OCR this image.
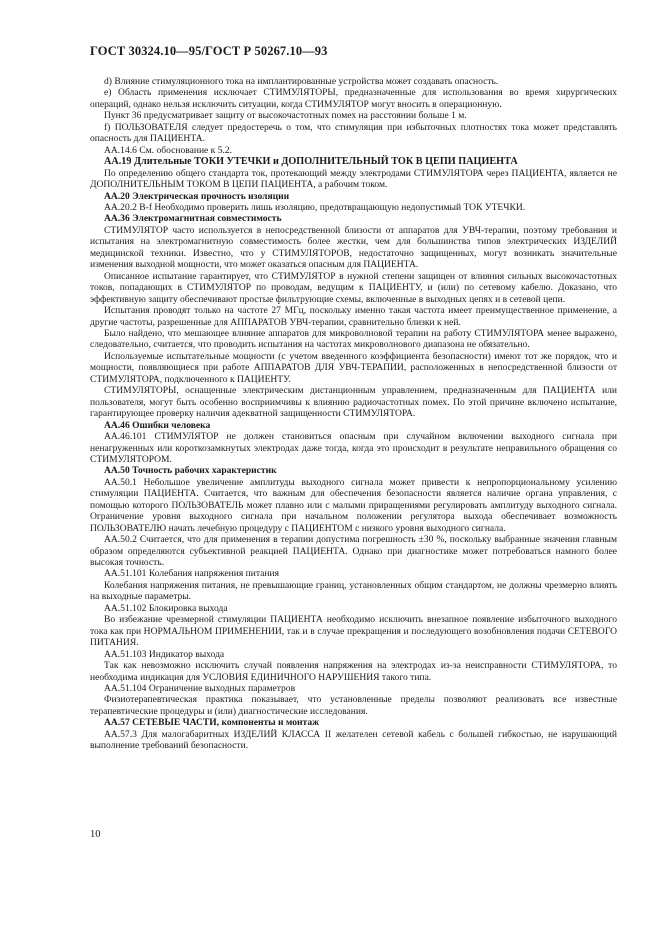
ГОСТ 30324.10—95/ГОСТ Р 50267.10—93

d) Влияние стимуляционного тока на имплантированные устройства может создавать опасность.

е) Область применения исключает СТИМУЛЯТОРЫ, предназначенные для использования во время хирургических операций, однако нельзя исключить ситуации, когда СТИМУЛЯТОР могут вносить в операционную.

Пункт 36 предусматривает защиту от высокочастотных помех на расстоянии больше 1 м.

f) ПОЛЬЗОВАТЕЛЯ следует предостеречь о том, что стимуляция при избыточных плотностях тока может представлять опасность для ПАЦИЕНТА.

АА.14.6 См. обоснование к 5.2.

АА.19 Длительные ТОКИ УТЕЧКИ и ДОПОЛНИТЕЛЬНЫЙ ТОК В ЦЕПИ ПАЦИЕНТА

По определению общего стандарта ток, протекающий между электродами СТИМУЛЯТОРА через ПАЦИЕНТА, является не ДОПОЛНИТЕЛЬНЫМ ТОКОМ В ЦЕПИ ПАЦИЕНТА, а рабочим током.

АА.20 Электрическая прочность изоляции

АА.20.2 B-f Необходимо проверить лишь изоляцию, предотвращающую недопустимый ТОК УТЕЧКИ.

АА.36 Электромагнитная совместимость

СТИМУЛЯТОР часто используется в непосредственной близости от аппаратов для УВЧ-терапии, поэтому требования и испытания на электромагнитную совместимость более жестки, чем для большинства типов электрических ИЗДЕЛИЙ медицинской техники. Известно, что у СТИМУЛЯТОРОВ, недостаточно защищенных, могут возникать значительные изменения выходной мощности, что может оказаться опасным для ПАЦИЕНТА.

Описанное испытание гарантирует, что СТИМУЛЯТОР в нужной степени защищен от влияния сильных высокочастотных токов, попадающих в СТИМУЛЯТОР по проводам, ведущим к ПАЦИЕНТУ, и (или) по сетевому кабелю. Доказано, что эффективную защиту обеспечивают простые фильтрующие схемы, включенные в выходных цепях и в сетевой цепи.

Испытания проводят только на частоте 27 МГц, поскольку именно такая частота имеет преимущественное применение, а другие частоты, разрешенные для АППАРАТОВ УВЧ-терапии, сравнительно близки к ней.

Было найдено, что мешающее влияние аппаратов для микроволновой терапии на работу СТИМУЛЯТОРА менее выражено, следовательно, считается, что проводить испытания на частотах микроволнового диапазона не обязательно.

Используемые испытательные мощности (с учетом введенного коэффициента безопасности) имеют тот же порядок, что и мощности, появляющиеся при работе АППАРАТОВ ДЛЯ УВЧ-ТЕРАПИИ, расположенных в непосредственной близости от СТИМУЛЯТОРА, подключенного к ПАЦИЕНТУ.

СТИМУЛЯТОРЫ, оснащенные электрическим дистанционным управлением, предназначенным для ПАЦИЕНТА или пользователя, могут быть особенно восприимчивы к влиянию радиочастотных помех. По этой причине включено испытание, гарантирующее проверку наличия адекватной защищенности СТИМУЛЯТОРА.

АА.46 Ошибки человека

АА.46.101 СТИМУЛЯТОР не должен становиться опасным при случайном включении выходного сигнала при ненагруженных или короткозамкнутых электродах даже тогда, когда это происходит в результате неправильного обращения со СТИМУЛЯТОРОМ.

АА.50 Точность рабочих характеристик

АА.50.1 Небольшое увеличение амплитуды выходного сигнала может привести к непропорциональному усилению стимуляции ПАЦИЕНТА. Считается, что важным для обеспечения безопасности является наличие органа управления, с помощью которого ПОЛЬЗОВАТЕЛЬ может плавно или с малыми приращениями регулировать амплитуду выходного сигнала. Ограничение уровня выходного сигнала при начальном положении регулятора выхода обеспечивает возможность ПОЛЬЗОВАТЕЛЮ начать лечебную процедуру с ПАЦИЕНТОМ с низкого уровня выходного сигнала.

АА.50.2 Считается, что для применения в терапии допустима погрешность ±30 %, поскольку выбранные значения главным образом определяются субъективной реакцией ПАЦИЕНТА. Однако при диагностике может потребоваться намного более высокая точность.

АА.51.101 Колебания напряжения питания

Колебания напряжения питания, не превышающие границ, установленных общим стандартом, не должны чрезмерно влиять на выходные параметры.

АА.51.102 Блокировка выхода

Во избежание чрезмерной стимуляции ПАЦИЕНТА необходимо исключить внезапное появление избыточного выходного тока как при НОРМАЛЬНОМ ПРИМЕНЕНИИ, так и в случае прекращения и последующего возобновления подачи СЕТЕВОГО ПИТАНИЯ.

АА.51.103 Индикатор выхода

Так как невозможно исключить случай появления напряжения на электродах из-за неисправности СТИМУЛЯТОРА, то необходима индикация для УСЛОВИЯ ЕДИНИЧНОГО НАРУШЕНИЯ такого типа.

АА.51.104 Ограничение выходных параметров

Физиотерапевтическая практика показывает, что установленные пределы позволяют реализовать все известные терапевтические процедуры и (или) диагностические исследования.

АА.57 СЕТЕВЫЕ ЧАСТИ, компоненты и монтаж

АА.57.3 Для малогабаритных ИЗДЕЛИЙ КЛАССА II желателен сетевой кабель с большей гибкостью, не нарушающий выполнение требований безопасности.

10
